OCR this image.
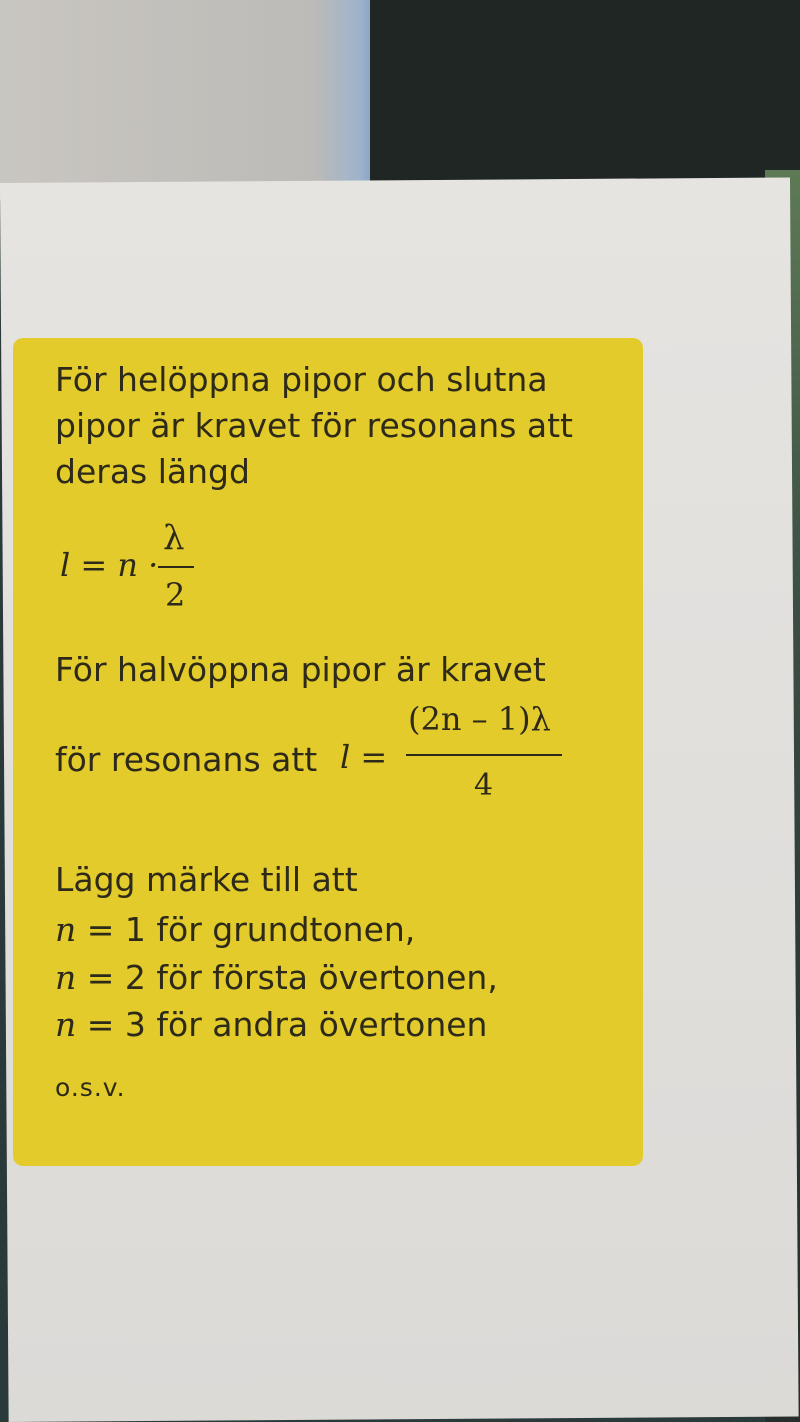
För helöppna pipor och slutna
pipor är kravet för resonans att
deras längd
l = n ·
λ
2
För halvöppna pipor är kravet
för resonans att l =
(2n – 1)λ
4
Lägg märke till att
n = 1 för grundtonen,
n = 2 för första övertonen,
n = 3 för andra övertonen
o.s.v.
